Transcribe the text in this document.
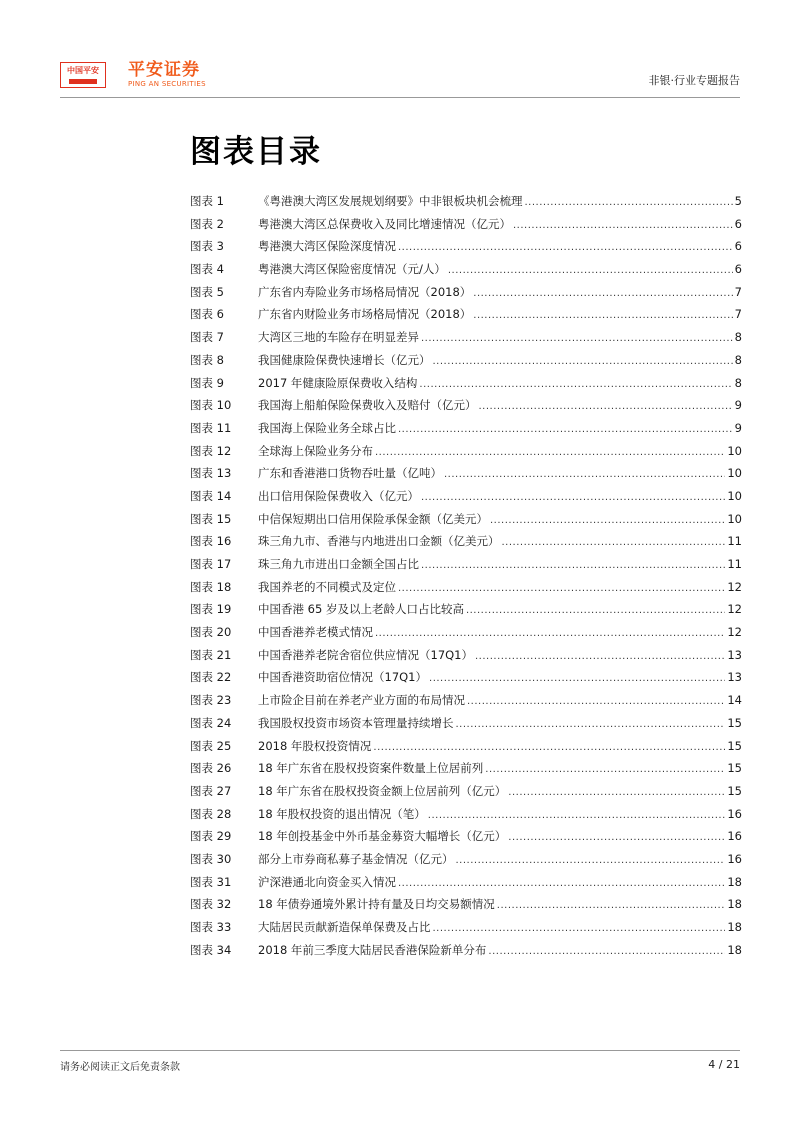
中国平安	平安证券
PING AN SECURITIES	非银·行业专题报告
图表目录
图表 1	《粤港澳大湾区发展规划纲要》中非银板块机会梳理 .....	5
图表 2	粤港澳大湾区总保费收入及同比增速情况（亿元） .....	6
图表 3	粤港澳大湾区保险深度情况 .....	6
图表 4	粤港澳大湾区保险密度情况（元/人） .....	6
图表 5	广东省内寿险业务市场格局情况（2018） .....	7
图表 6	广东省内财险业务市场格局情况（2018） .....	7
图表 7	大湾区三地的车险存在明显差异 .....	8
图表 8	我国健康险保费快速增长（亿元） .....	8
图表 9	2017 年健康险原保费收入结构 .....	8
图表 10	我国海上船舶保险保费收入及赔付（亿元） .....	9
图表 11	我国海上保险业务全球占比 .....	9
图表 12	全球海上保险业务分布 .....	10
图表 13	广东和香港港口货物吞吐量（亿吨） .....	10
图表 14	出口信用保险保费收入（亿元） .....	10
图表 15	中信保短期出口信用保险承保金额（亿美元） .....	10
图表 16	珠三角九市、香港与内地进出口金额（亿美元） .....	11
图表 17	珠三角九市进出口金额全国占比 .....	11
图表 18	我国养老的不同模式及定位 .....	12
图表 19	中国香港 65 岁及以上老龄人口占比较高 .....	12
图表 20	中国香港养老模式情况 .....	12
图表 21	中国香港养老院舍宿位供应情况（17Q1） .....	13
图表 22	中国香港资助宿位情况（17Q1） .....	13
图表 23	上市险企目前在养老产业方面的布局情况 .....	14
图表 24	我国股权投资市场资本管理量持续增长 .....	15
图表 25	2018 年股权投资情况 .....	15
图表 26	18 年广东省在股权投资案件数量上位居前列 .....	15
图表 27	18 年广东省在股权投资金额上位居前列（亿元） .....	15
图表 28	18 年股权投资的退出情况（笔） .....	16
图表 29	18 年创投基金中外币基金募资大幅增长（亿元） .....	16
图表 30	部分上市券商私募子基金情况（亿元） .....	16
图表 31	沪深港通北向资金买入情况 .....	18
图表 32	18 年债券通境外累计持有量及日均交易额情况 .....	18
图表 33	大陆居民贡献新造保单保费及占比 .....	18
图表 34	2018 年前三季度大陆居民香港保险新单分布 .....	18
请务必阅读正文后免责条款	4 / 21
